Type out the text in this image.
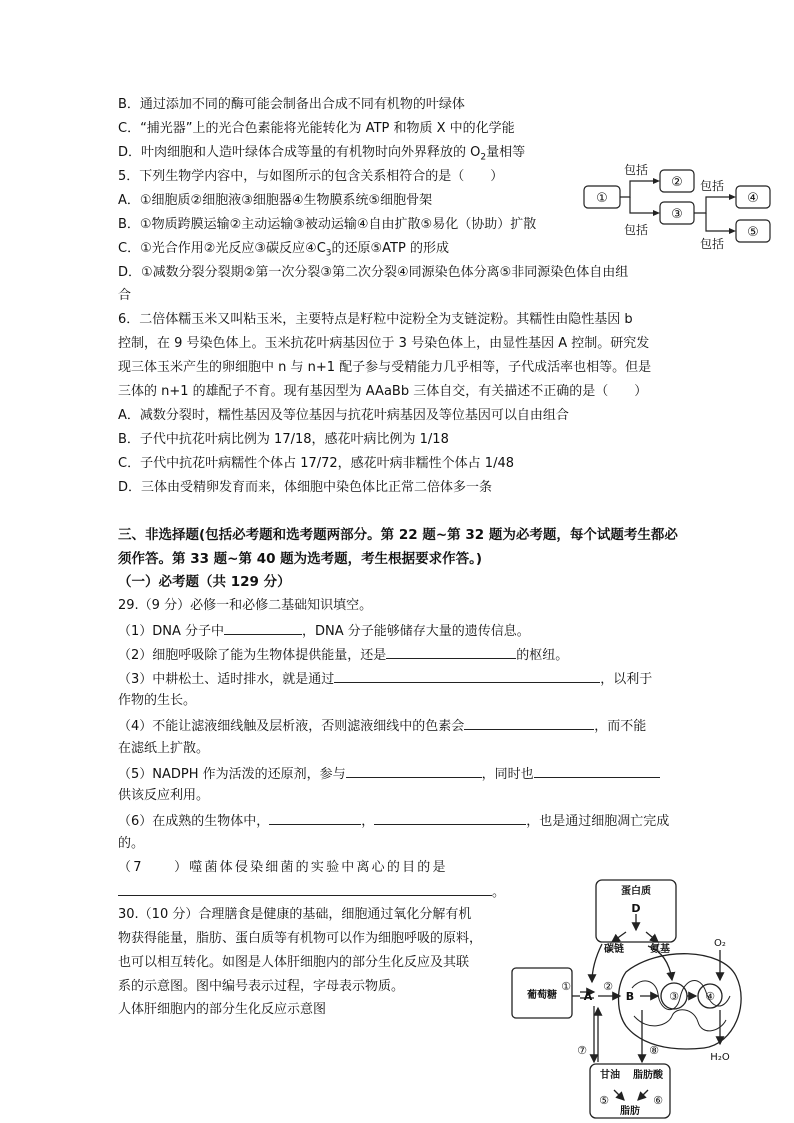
B．通过添加不同的酶可能会制备出合成不同有机物的叶绿体
C．“捕光器”上的光合色素能将光能转化为 ATP 和物质 X 中的化学能
D．叶肉细胞和人造叶绿体合成等量的有机物时向外界释放的 $O_2$量相等
5．下列生物学内容中，与如图所示的包含关系相符合的是（　　）
A．①细胞质②细胞液③细胞器④生物膜系统⑤细胞骨架
B．①物质跨膜运输②主动运输③被动运输④自由扩散⑤易化（协助）扩散
C．①光合作用②光反应③碳反应$④C_3$的还原⑤ATP 的形成
D．①减数分裂分裂期②第一次分裂③第二次分裂④同源染色体分离⑤非同源染色体自由组
合
①
②
③
④
⑤
包括
包括
包括
包括
6．二倍体糯玉米又叫粘玉米，主要特点是籽粒中淀粉全为支链淀粉。其糯性由隐性基因 b
控制，在 9 号染色体上。玉米抗花叶病基因位于 3 号染色体上，由显性基因 A 控制。研究发
现三体玉米产生的卵细胞中 n 与 n+1 配子参与受精能力几乎相等，子代成活率也相等。但是
三体的 n+1 的雄配子不育。现有基因型为 AAaBb 三体自交，有关描述不正确的是（　　）
A．减数分裂时，糯性基因及等位基因与抗花叶病基因及等位基因可以自由组合
B．子代中抗花叶病比例为 17/18，感花叶病比例为 1/18
C．子代中抗花叶病糯性个体占 17/72，感花叶病非糯性个体占 1/48
D．三体由受精卵发育而来，体细胞中染色体比正常二倍体多一条
三、非选择题(包括必考题和选考题两部分。第 22 题~第 32 题为必考题，每个试题考生都必
须作答。第 33 题~第 40 题为选考题，考生根据要求作答。)
（一）必考题（共 129 分）
29.（9 分）必修一和必修二基础知识填空。
（1）DNA 分子中	，DNA 分子能够储存大量的遗传信息。
（2）细胞呼吸除了能为生物体提供能量，还是	的枢纽。
（3）中耕松土、适时排水，就是通过	，以利于
作物的生长。
（4）不能让滤液细线触及层析液，否则滤液细线中的色素会	，而不能
在滤纸上扩散。
（5）NADPH 作为活泼的还原剂，参与	，同时也
供该反应利用。
（6）在成熟的生物体中，	，	，也是通过细胞凋亡完成
的。
（7　　）噬菌体侵染细菌的实验中离心的目的是
。
30.（10 分）合理膳食是健康的基础，细胞通过氧化分解有机
物获得能量，脂肪、蛋白质等有机物可以作为细胞呼吸的原料，
也可以相互转化。如图是人体肝细胞内的部分生化反应及其联
系的示意图。图中编号表示过程，字母表示物质。
人体肝细胞内的部分生化反应示意图
蛋白质
D
碳链	氨基
葡萄糖 A	B
O₂
H₂O
甘油 脂肪酸
脂肪
①	②
③ ④
⑤	⑥
⑦	⑧
